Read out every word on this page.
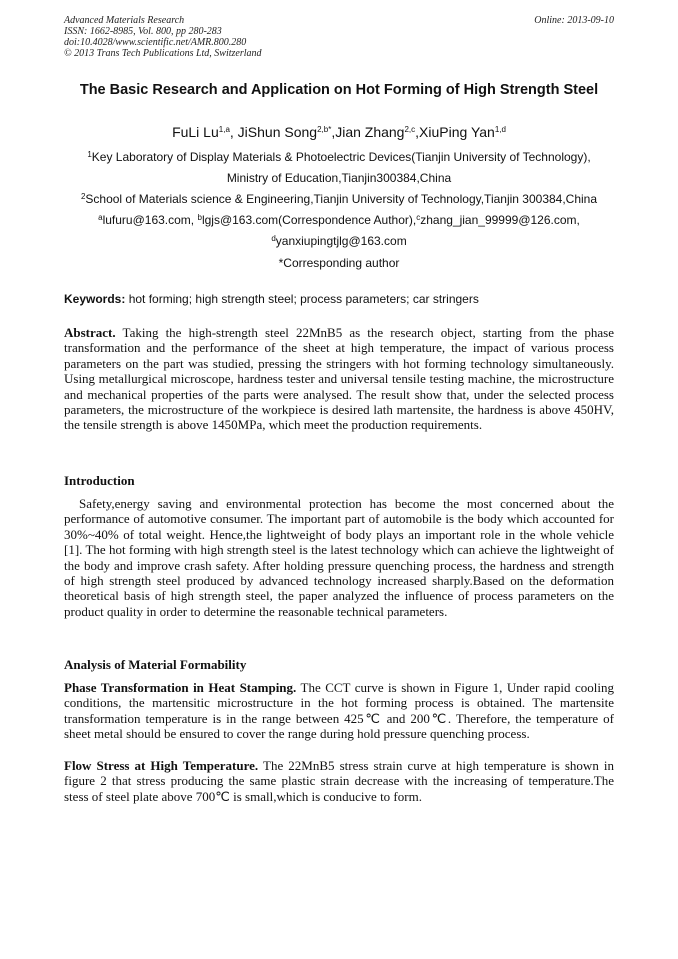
Advanced Materials Research
ISSN: 1662-8985, Vol. 800, pp 280-283
doi:10.4028/www.scientific.net/AMR.800.280
© 2013 Trans Tech Publications Ltd, Switzerland
Online: 2013-09-10
The Basic Research and Application on Hot Forming of High Strength Steel
FuLi Lu$^{1,a}$, JiShun Song$^{2,b*}$,Jian Zhang$^{2,c}$,XiuPing Yan$^{1,d}$
$^1$Key Laboratory of Display Materials & Photoelectric Devices(Tianjin University of Technology),
Ministry of Education,Tianjin300384,China
$^2$School of Materials science & Engineering,Tianjin University of Technology,Tianjin 300384,China
$^a$lufuru@163.com, $^b$lgjs@163.com(Correspondence Author),$^c$zhang_jian_99999@126.com,
$^d$yanxiupingtjlg@163.com
*Corresponding author
Keywords: hot forming; high strength steel; process parameters; car stringers
Abstract. Taking the high-strength steel 22MnB5 as the research object, starting from the phase transformation and the performance of the sheet at high temperature, the impact of various process parameters on the part was studied, pressing the stringers with hot forming technology simultaneously. Using metallurgical microscope, hardness tester and universal tensile testing machine, the microstructure and mechanical properties of the parts were analysed. The result show that, under the selected process parameters, the microstructure of the workpiece is desired lath martensite, the hardness is above 450HV, the tensile strength is above 1450MPa, which meet the production requirements.
Introduction
Safety,energy saving and environmental protection has become the most concerned about the performance of automotive consumer. The important part of automobile is the body which accounted for 30%~40% of total weight. Hence,the lightweight of body plays an important role in the whole vehicle [1]. The hot forming with high strength steel is the latest technology which can achieve the lightweight of the body and improve crash safety. After holding pressure quenching process, the hardness and strength of high strength steel produced by advanced technology increased sharply.Based on the deformation theoretical basis of high strength steel, the paper analyzed the influence of process parameters on the product quality in order to determine the reasonable technical parameters.
Analysis of Material Formability
Phase Transformation in Heat Stamping. The CCT curve is shown in Figure 1, Under rapid cooling conditions, the martensitic microstructure in the hot forming process is obtained. The martensite transformation temperature is in the range between 425℃ and 200℃. Therefore, the temperature of sheet metal should be ensured to cover the range during hold pressure quenching process.
Flow Stress at High Temperature. The 22MnB5 stress strain curve at high temperature is shown in figure 2 that stress producing the same plastic strain decrease with the increasing of temperature.The stess of steel plate above 700℃ is small,which is conducive to form.
